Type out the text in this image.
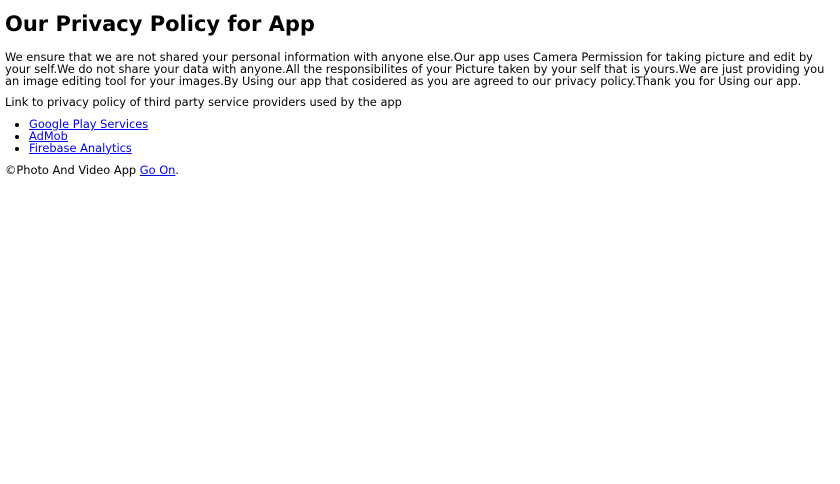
Our Privacy Policy for App

We ensure that we are not shared your personal information with anyone else.Our app uses Camera Permission for taking picture and edit by your self.We do not share your data with anyone.All the responsibilites of your Picture taken by your self that is yours.We are just providing you an image editing tool for your images.By Using our app that cosidered as you are agreed to our privacy policy.Thank you for Using our app.

Link to privacy policy of third party service providers used by the app

• Google Play Services
• AdMob
• Firebase Analytics

©Photo And Video App Go On.
